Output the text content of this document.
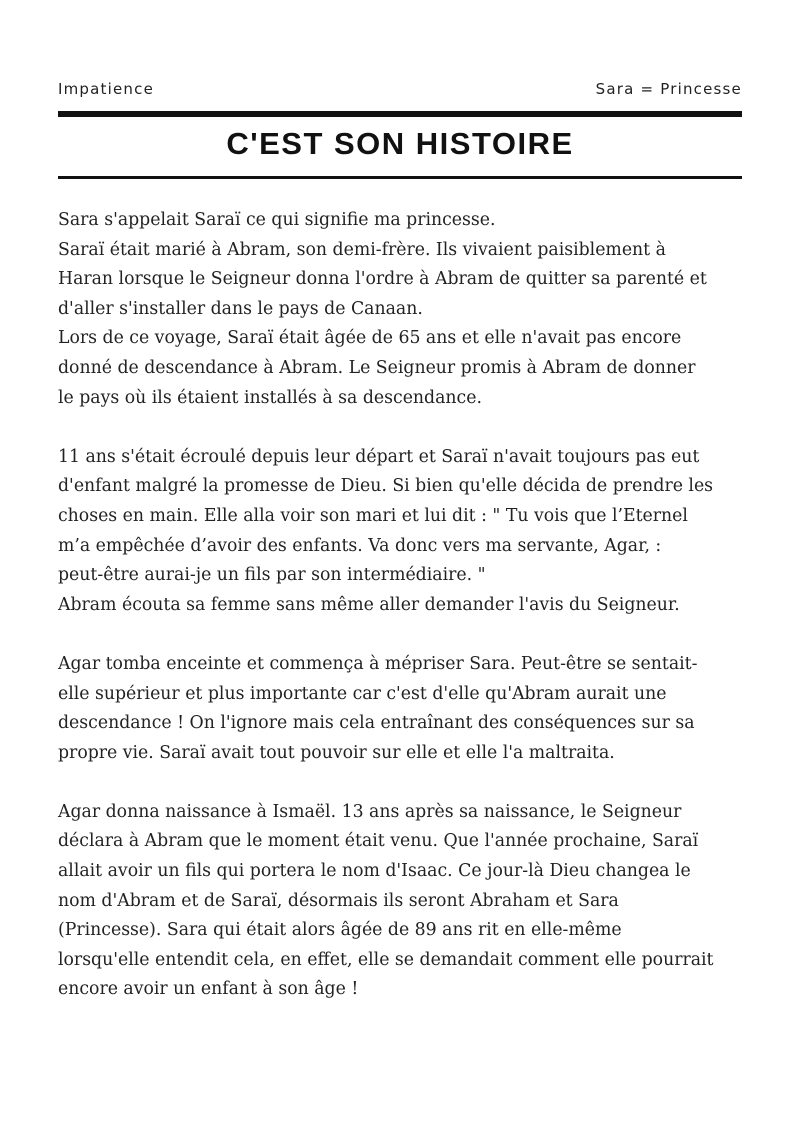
Impatience	Sara = Princesse
C'EST SON HISTOIRE

Sara s'appelait Saraï ce qui signifie ma princesse.
Saraï était marié à Abram, son demi-frère. Ils vivaient paisiblement à
Haran lorsque le Seigneur donna l'ordre à Abram de quitter sa parenté et
d'aller s'installer dans le pays de Canaan.
Lors de ce voyage, Saraï était âgée de 65 ans et elle n'avait pas encore
donné de descendance à Abram. Le Seigneur promis à Abram de donner
le pays où ils étaient installés à sa descendance.

11 ans s'était écroulé depuis leur départ et Saraï n'avait toujours pas eut
d'enfant malgré la promesse de Dieu. Si bien qu'elle décida de prendre les
choses en main. Elle alla voir son mari et lui dit : " Tu vois que l’Eternel
m’a empêchée d’avoir des enfants. Va donc vers ma servante, Agar, :
peut-être aurai-je un fils par son intermédiaire. "
Abram écouta sa femme sans même aller demander l'avis du Seigneur.

Agar tomba enceinte et commença à mépriser Sara. Peut-être se sentait-
elle supérieur et plus importante car c'est d'elle qu'Abram aurait une
descendance ! On l'ignore mais cela entraînant des conséquences sur sa
propre vie. Saraï avait tout pouvoir sur elle et elle l'a maltraita.

Agar donna naissance à Ismaël. 13 ans après sa naissance, le Seigneur
déclara à Abram que le moment était venu. Que l'année prochaine, Saraï
allait avoir un fils qui portera le nom d'Isaac. Ce jour-là Dieu changea le
nom d'Abram et de Saraï, désormais ils seront Abraham et Sara
(Princesse). Sara qui était alors âgée de 89 ans rit en elle-même
lorsqu'elle entendit cela, en effet, elle se demandait comment elle pourrait
encore avoir un enfant à son âge !
